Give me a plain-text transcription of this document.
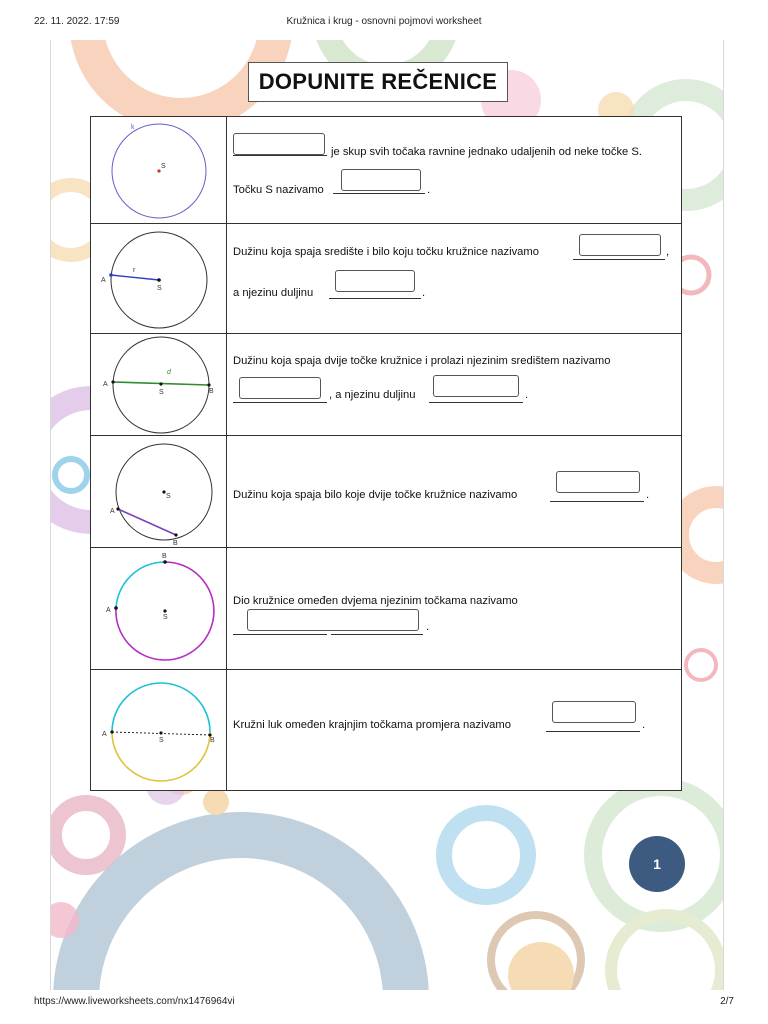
22. 11. 2022. 17:59	Kružnica i krug - osnovni pojmovi worksheet
DOPUNITE REČENICE
S
k
je skup svih točaka ravnine jednako udaljenih od neke točke S.
Točku S nazivamo	.
A
S
r
Dužinu koja spaja središte i bilo koju točku kružnice nazivamo	,
a njezinu duljinu	.
A
S	B
d
Dužinu koja spaja dvije točke kružnice i prolazi njezinim središtem nazivamo
, a njezinu duljinu	.
A
S
B
Dužinu koja spaja bilo koje dvije točke kružnice nazivamo	.
B
A
S
Dio kružnice omeđen dvjema njezinim točkama nazivamo
.
A
S	B
Kružni luk omeđen krajnjim točkama promjera nazivamo	.
1
https://www.liveworksheets.com/nx1476964vi	2/7
